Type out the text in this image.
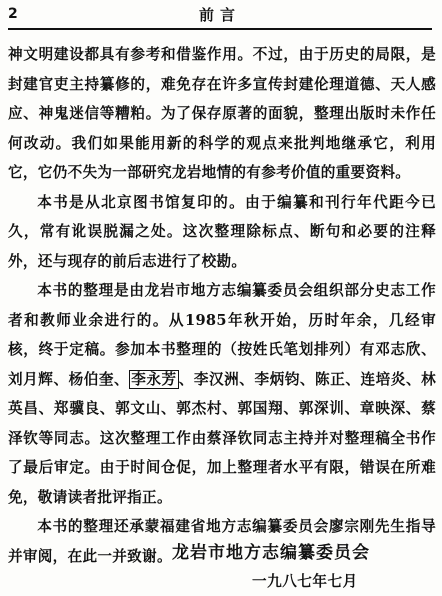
2	前言

神文明建设都具有参考和借鉴作用。不过，由于历史的局限，是封建官吏主持纂修的，难免存在许多宣传封建伦理道德、天人感应、神鬼迷信等糟粕。为了保存原著的面貌，整理出版时未作任何改动。我们如果能用新的科学的观点来批判地继承它，利用它，它仍不失为一部研究龙岩地情的有参考价值的重要资料。

本书是从北京图书馆复印的。由于编纂和刊行年代距今已久，常有讹误脱漏之处。这次整理除标点、断句和必要的注释外，还与现存的前后志进行了校勘。

本书的整理是由龙岩市地方志编纂委员会组织部分史志工作者和教师业余进行的。从1985年秋开始，历时年余，几经审核，终于定稿。参加本书整理的（按姓氏笔划排列）有邓志欣、刘月辉、杨伯奎、 李永芳 、李汉洲、李炳钧、陈正、连培炎、林英昌、郑骥良、郭文山、郭杰村、郭国翔、郭深训、章映深、蔡泽钦等同志。这次整理工作由蔡泽钦同志主持并对整理稿全书作了最后审定。由于时间仓促，加上整理者水平有限，错误在所难免，敬请读者批评指正。

本书的整理还承蒙福建省地方志编纂委员会廖宗刚先生指导并审阅，在此一并致谢。 龙岩市地方志编纂委员会
一九八七年七月
